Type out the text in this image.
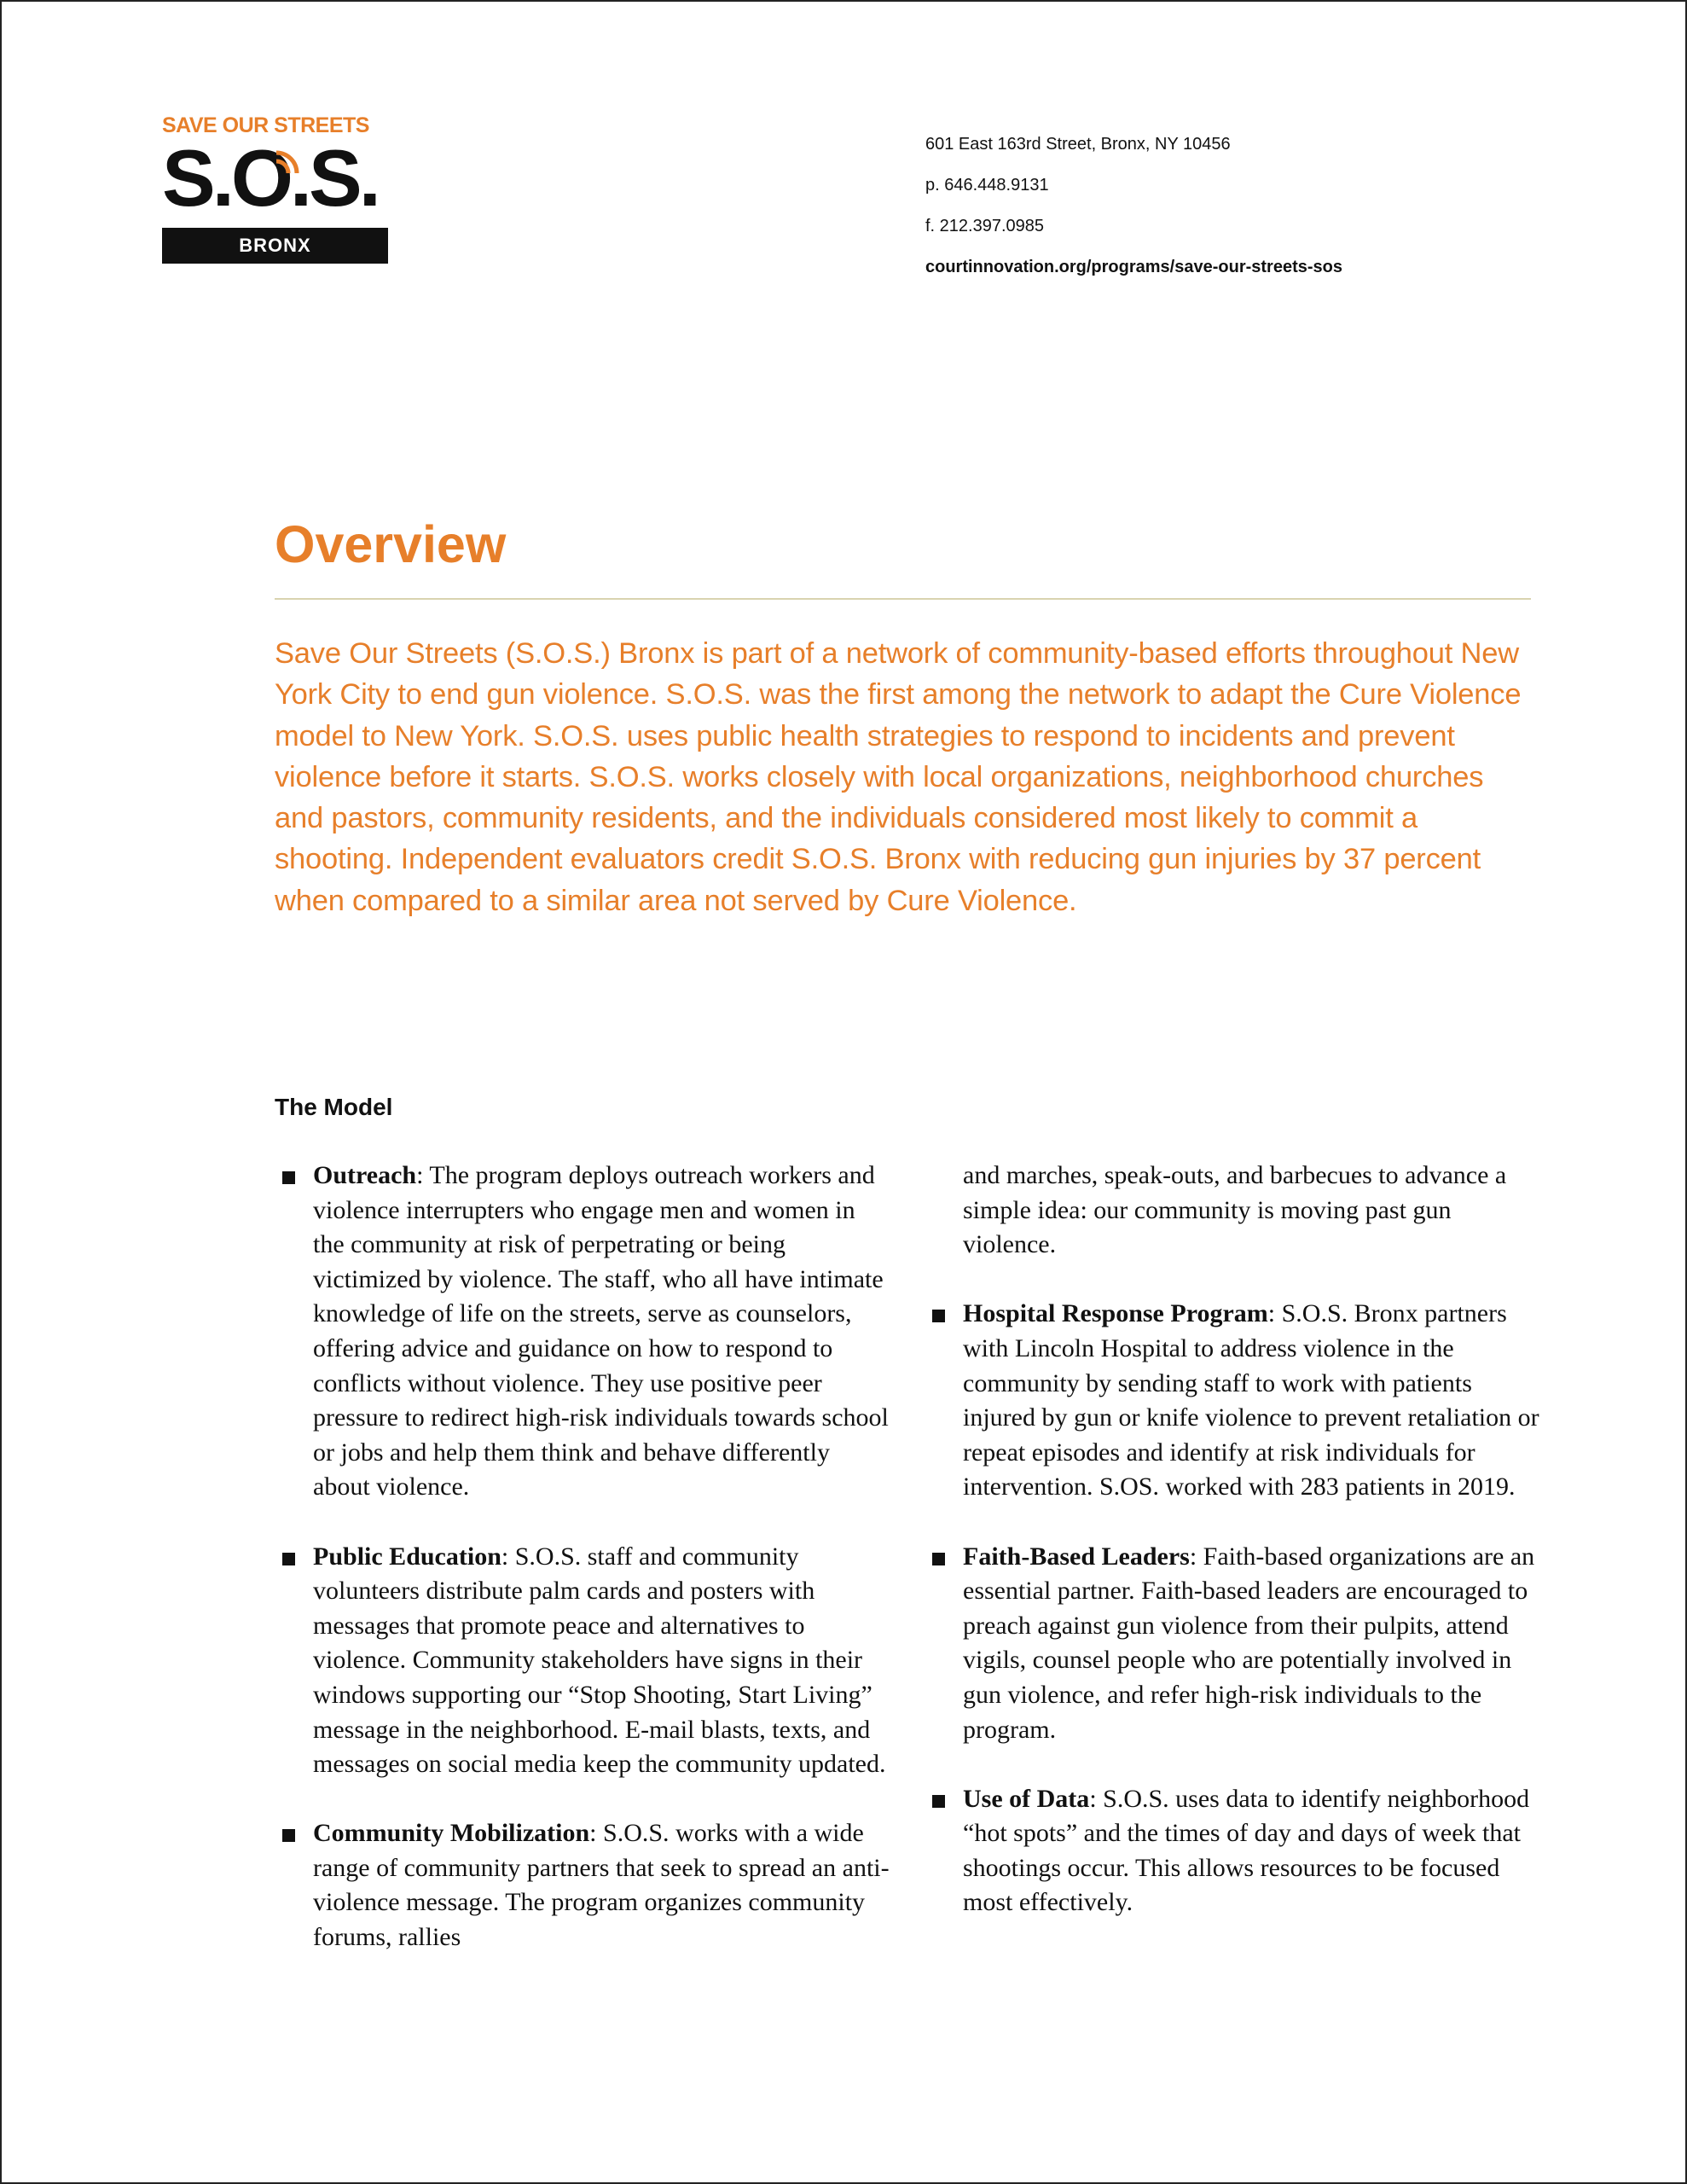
SAVE OUR STREETS
S.O.S.
BRONX
601 East 163rd Street, Bronx, NY 10456
p. 646.448.9131
f. 212.397.0985
courtinnovation.org/programs/save-our-streets-sos
Overview
Save Our Streets (S.O.S.) Bronx is part of a network of community-based efforts throughout New York City to end gun violence. S.O.S. was the first among the network to adapt the Cure Violence model to New York. S.O.S. uses public health strategies to respond to incidents and prevent violence before it starts. S.O.S. works closely with local organizations, neighborhood churches and pastors, community residents, and the individuals considered most likely to commit a shooting. Independent evaluators credit S.O.S. Bronx with reducing gun injuries by 37 percent when compared to a similar area not served by Cure Violence.
The Model
Outreach: The program deploys outreach workers and violence interrupters who engage men and women in the community at risk of perpetrating or being victimized by violence. The staff, who all have intimate knowledge of life on the streets, serve as counselors, offering advice and guidance on how to respond to conflicts without violence. They use positive peer pressure to redirect high-risk individuals towards school or jobs and help them think and behave differently about violence.
Public Education: S.O.S. staff and community volunteers distribute palm cards and posters with messages that promote peace and alternatives to violence. Community stakeholders have signs in their windows supporting our “Stop Shooting, Start Living” message in the neighborhood. E-mail blasts, texts, and messages on social media keep the community updated.
Community Mobilization: S.O.S. works with a wide range of community partners that seek to spread an anti-violence message. The program organizes community forums, rallies
and marches, speak-outs, and barbecues to advance a simple idea: our community is moving past gun violence.
Hospital Response Program: S.O.S. Bronx partners with Lincoln Hospital to address violence in the community by sending staff to work with patients injured by gun or knife violence to prevent retaliation or repeat episodes and identify at risk individuals for intervention. S.OS. worked with 283 patients in 2019.
Faith-Based Leaders: Faith-based organizations are an essential partner. Faith-based leaders are encouraged to preach against gun violence from their pulpits, attend vigils, counsel people who are potentially involved in gun violence, and refer high-risk individuals to the program.
Use of Data: S.O.S. uses data to identify neighborhood “hot spots” and the times of day and days of week that shootings occur. This allows resources to be focused most effectively.
